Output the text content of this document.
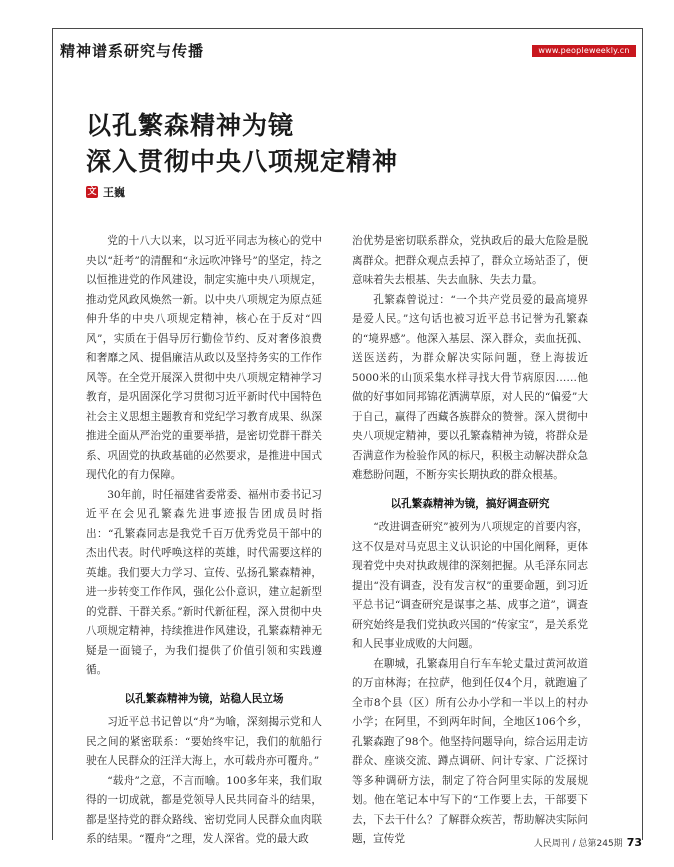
精神谱系研究与传播	www.peopleweekly.cn
以孔繁森精神为镜
深入贯彻中央八项规定精神
文 王巍

党的十八大以来，以习近平同志为核心的党中央以“赶考”的清醒和“永远吹冲锋号”的坚定，持之以恒推进党的作风建设，制定实施中央八项规定，推动党风政风焕然一新。以中央八项规定为原点延伸升华的中央八项规定精神，核心在于反对“四风”，实质在于倡导厉行勤俭节约、反对奢侈浪费和奢靡之风、提倡廉洁从政以及坚持务实的工作作风等。在全党开展深入贯彻中央八项规定精神学习教育，是巩固深化学习贯彻习近平新时代中国特色社会主义思想主题教育和党纪学习教育成果、纵深推进全面从严治党的重要举措，是密切党群干群关系、巩固党的执政基础的必然要求，是推进中国式现代化的有力保障。

30年前，时任福建省委常委、福州市委书记习近平在会见孔繁森先进事迹报告团成员时指出：“孔繁森同志是我党千百万优秀党员干部中的杰出代表。时代呼唤这样的英雄，时代需要这样的英雄。我们要大力学习、宣传、弘扬孔繁森精神，进一步转变工作作风，强化公仆意识，建立起新型的党群、干群关系。”新时代新征程，深入贯彻中央八项规定精神，持续推进作风建设，孔繁森精神无疑是一面镜子，为我们提供了价值引领和实践遵循。

以孔繁森精神为镜，站稳人民立场

习近平总书记曾以“舟”为喻，深刻揭示党和人民之间的紧密联系：“要始终牢记，我们的航船行驶在人民群众的汪洋大海上，水可载舟亦可覆舟。”

“载舟”之意，不言而喻。100多年来，我们取得的一切成就，都是党领导人民共同奋斗的结果，都是坚持党的群众路线、密切党同人民群众血肉联系的结果。“覆舟”之理，发人深省。党的最大政

治优势是密切联系群众，党执政后的最大危险是脱离群众。把群众观点丢掉了，群众立场站歪了，便意味着失去根基、失去血脉、失去力量。

孔繁森曾说过：“一个共产党员爱的最高境界是爱人民。”这句话也被习近平总书记誉为孔繁森的“境界感”。他深入基层、深入群众，卖血抚孤、送医送药，为群众解决实际问题，登上海拔近5000米的山顶采集水样寻找大骨节病原因……他做的好事如同邦锦花洒满草原，对人民的“偏爱”大于自己，赢得了西藏各族群众的赞誉。深入贯彻中央八项规定精神，要以孔繁森精神为镜，将群众是否满意作为检验作风的标尺，积极主动解决群众急难愁盼问题，不断夯实长期执政的群众根基。

以孔繁森精神为镜，搞好调查研究

“改进调查研究”被列为八项规定的首要内容，这不仅是对马克思主义认识论的中国化阐释，更体现着党中央对执政规律的深刻把握。从毛泽东同志提出“没有调查，没有发言权”的重要命题，到习近平总书记“调查研究是谋事之基、成事之道”，调查研究始终是我们党执政兴国的“传家宝”，是关系党和人民事业成败的大问题。

在聊城，孔繁森用自行车车轮丈量过黄河故道的万亩林海；在拉萨，他到任仅4个月，就跑遍了全市8个县（区）所有公办小学和一半以上的村办小学；在阿里，不到两年时间，全地区106个乡，孔繁森跑了98个。他坚持问题导向，综合运用走访群众、座谈交流、蹲点调研、问计专家、广泛探讨等多种调研方法，制定了符合阿里实际的发展规划。他在笔记本中写下的“工作要上去，干部要下去，下去干什么？了解群众疾苦，帮助解决实际问题，宣传党	人民周刊 / 总第245期 73
